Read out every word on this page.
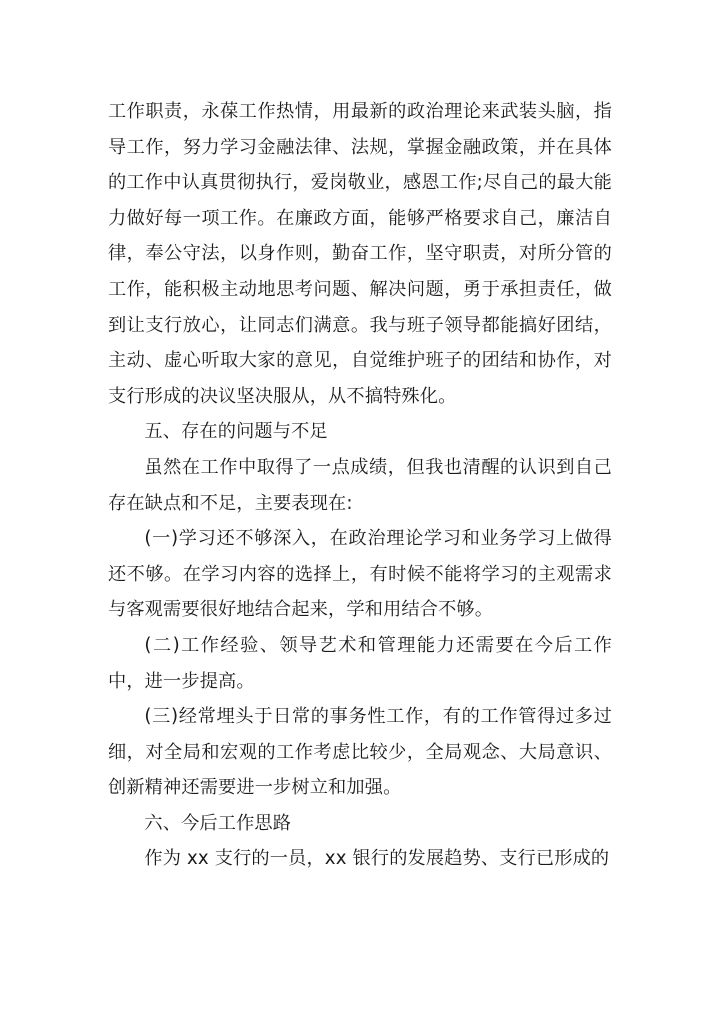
工作职责，永葆工作热情，用最新的政治理论来武装头脑，指导工作，努力学习金融法律、法规，掌握金融政策，并在具体的工作中认真贯彻执行，爱岗敬业，感恩工作;尽自己的最大能力做好每一项工作。在廉政方面，能够严格要求自己，廉洁自律，奉公守法，以身作则，勤奋工作，坚守职责，对所分管的工作，能积极主动地思考问题、解决问题，勇于承担责任，做到让支行放心，让同志们满意。我与班子领导都能搞好团结，主动、虚心听取大家的意见，自觉维护班子的团结和协作，对支行形成的决议坚决服从，从不搞特殊化。

五、存在的问题与不足

虽然在工作中取得了一点成绩，但我也清醒的认识到自己存在缺点和不足，主要表现在:

(一)学习还不够深入，在政治理论学习和业务学习上做得还不够。在学习内容的选择上，有时候不能将学习的主观需求与客观需要很好地结合起来，学和用结合不够。

(二)工作经验、领导艺术和管理能力还需要在今后工作中，进一步提高。

(三)经常埋头于日常的事务性工作，有的工作管得过多过细，对全局和宏观的工作考虑比较少，全局观念、大局意识、创新精神还需要进一步树立和加强。

六、今后工作思路

作为 xx 支行的一员，xx 银行的发展趋势、支行已形成的
